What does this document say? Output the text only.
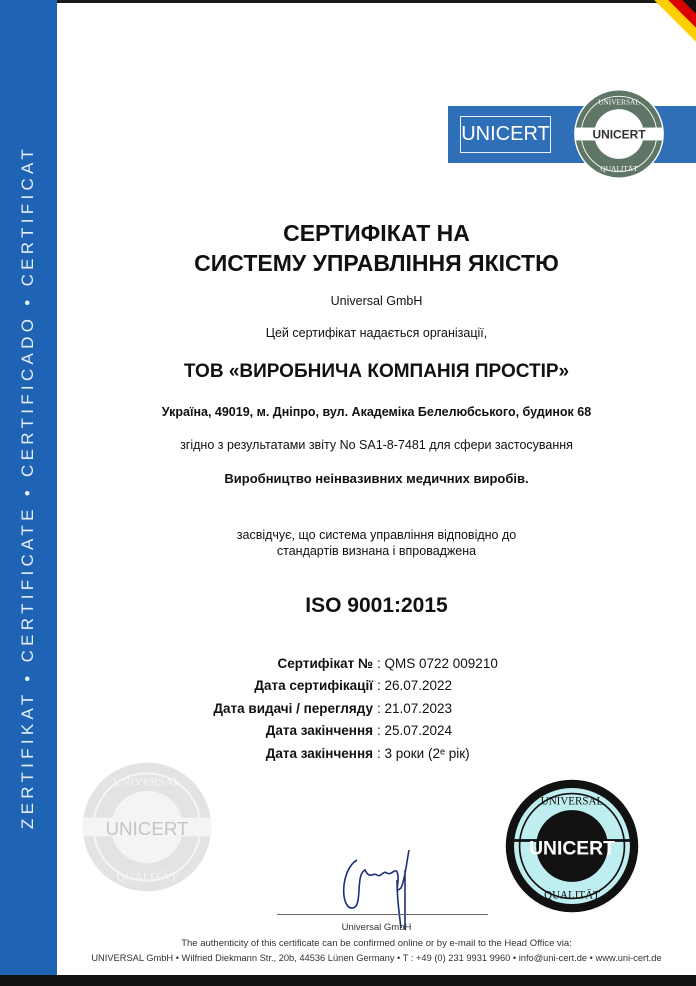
ZERTIFIKAT • CERTIFICATE • CERTIFICADO • CERTIFICAT
UNICERT	UNICERT
UNIVERSAL
QUALITÄT
СЕРТИФІКАТ НА
СИСТЕМУ УПРАВЛІННЯ ЯКІСТЮ
Universal GmbH
Цей сертифікат надається організації,
ТОВ «ВИРОБНИЧА КОМПАНІЯ ПРОСТІР»
Україна, 49019, м. Дніпро, вул. Академіка Белелюбського, будинок 68
згідно з результатами звіту No SA1-8-7481 для сфери застосування
Виробництво неінвазивних медичних виробів.
засвідчує, що система управління відповідно до
стандартів визнана і впроваджена
ISO 9001:2015
Сертифікат № : QMS 0722 009210
Дата сертифікації : 26.07.2022
Дата видачі / перегляду : 21.07.2023
Дата закінчення : 25.07.2024
Дата закінчення : 3 роки (2ᵉ рік)
UNICERT
UNIVERSAL
QUALITÄT
UNICERT
UNIVERSAL
QUALITÄT
Universal GmbH
The authenticity of this certificate can be confirmed online or by e-mail to the Head Office via:
UNIVERSAL GmbH • Wilfried Diekmann Str., 20b, 44536 Lünen Germany • T : +49 (0) 231 9931 9960 • info@uni-cert.de • www.uni-cert.de
